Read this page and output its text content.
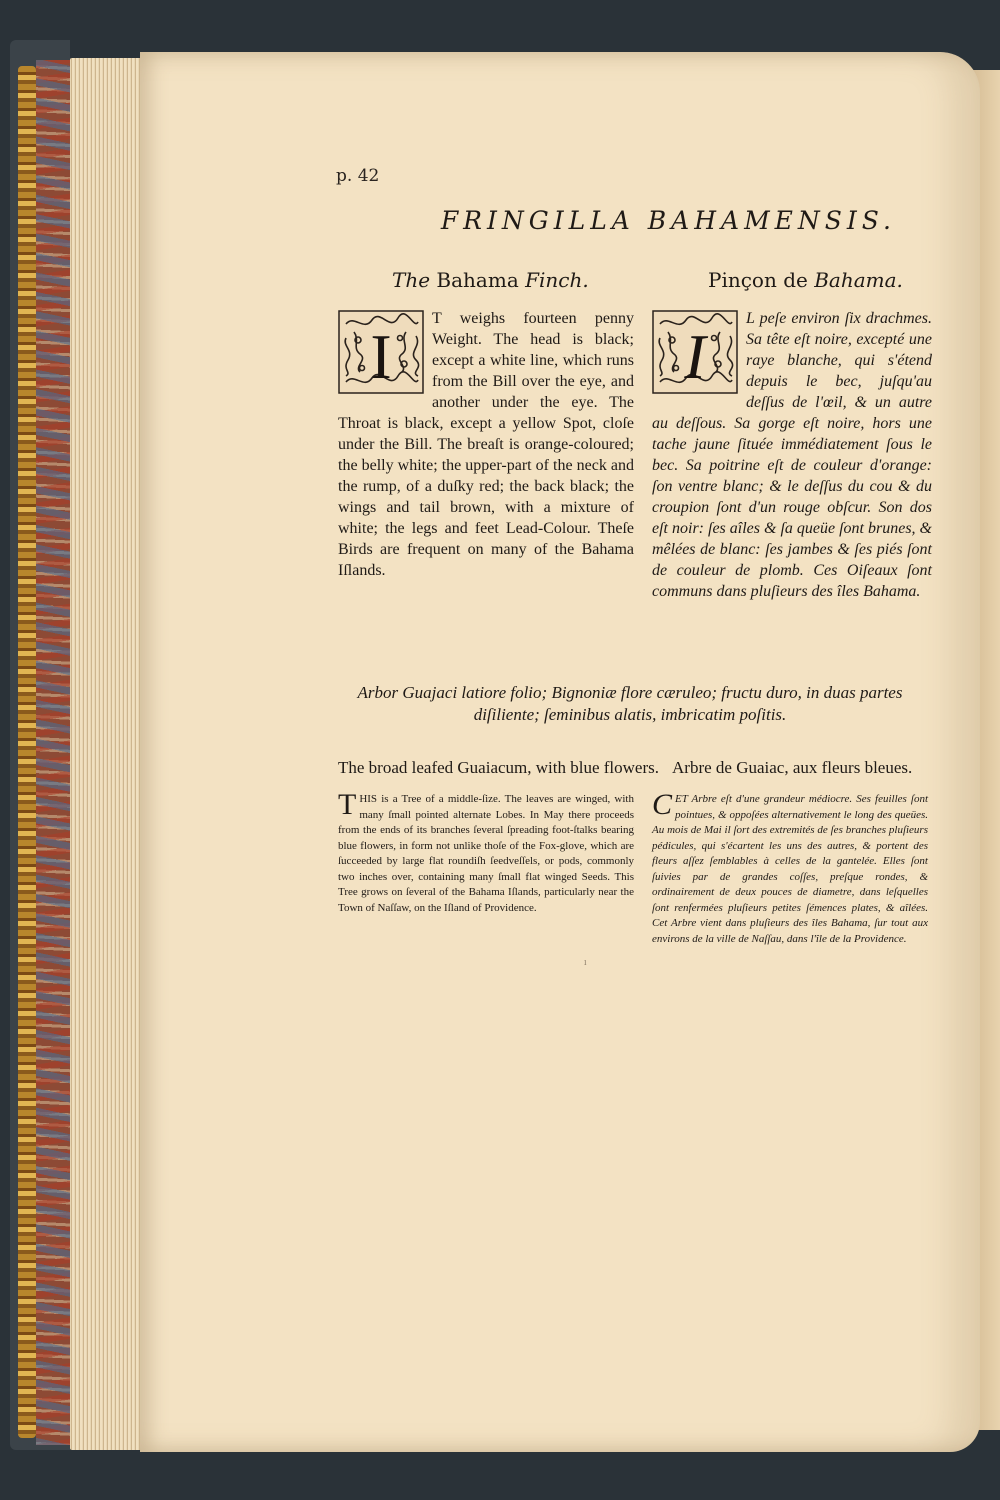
p. 42
FRINGILLA BAHAMENSIS.
The Bahama Finch.	Pinçon de Bahama.
I
T weighs fourteen penny Weight. The head is black; except a white line, which runs from the Bill over the eye, and another under the eye. The Throat is black, except a yellow Spot, cloſe under the Bill. The breaſt is orange-coloured; the belly white; the upper-part of the neck and the rump, of a duſky red; the back black; the wings and tail brown, with a mixture of white; the legs and feet Lead-Colour. Theſe Birds are frequent on many of the Bahama Iſlands.
I
L peſe environ ſix drachmes. Sa tête eſt noire, excepté une raye blanche, qui s'étend depuis le bec, juſqu'au deſſus de l'œil, & un autre au deſſous. Sa gorge eſt noire, hors une tache jaune ſituée immédiatement ſous le bec. Sa poitrine eſt de couleur d'orange: ſon ventre blanc; & le deſſus du cou & du croupion ſont d'un rouge obſcur. Son dos eſt noir: ſes aîles & ſa queüe ſont brunes, & mêlées de blanc: ſes jambes & ſes piés ſont de couleur de plomb. Ces Oiſeaux ſont communs dans pluſieurs des îles Bahama.
Arbor Guajaci latiore folio; Bignoniæ flore cæruleo; fructu duro, in duas partes diſiliente; ſeminibus alatis, imbricatim poſitis.
The broad leafed Guaiacum, with blue flowers. Arbre de Guaiac, aux fleurs bleues.
THIS is a Tree of a middle-ſize. The leaves are winged, with many ſmall pointed alternate Lobes. In May there proceeds from the ends of its branches ſeveral ſpreading foot-ſtalks bearing blue flowers, in form not unlike thoſe of the Fox-glove, which are ſucceeded by large flat roundiſh ſeedveſſels, or pods, commonly two inches over, containing many ſmall flat winged Seeds. This Tree grows on ſeveral of the Bahama Iſlands, particularly near the Town of Naſſaw, on the Iſland of Providence.
CET Arbre eſt d'une grandeur médiocre. Ses feuilles ſont pointues, & oppoſées alternativement le long des queües. Au mois de Mai il ſort des extremités de ſes branches pluſieurs pédicules, qui s'écartent les uns des autres, & portent des fleurs aſſez ſemblables à celles de la gantelée. Elles ſont ſuivies par de grandes coſſes, preſque rondes, & ordinairement de deux pouces de diametre, dans leſquelles ſont renfermées pluſieurs petites ſémences plates, & aîlées. Cet Arbre vient dans pluſieurs des îles Bahama, ſur tout aux environs de la ville de Naſſau, dans l'île de la Providence.
ˡ
